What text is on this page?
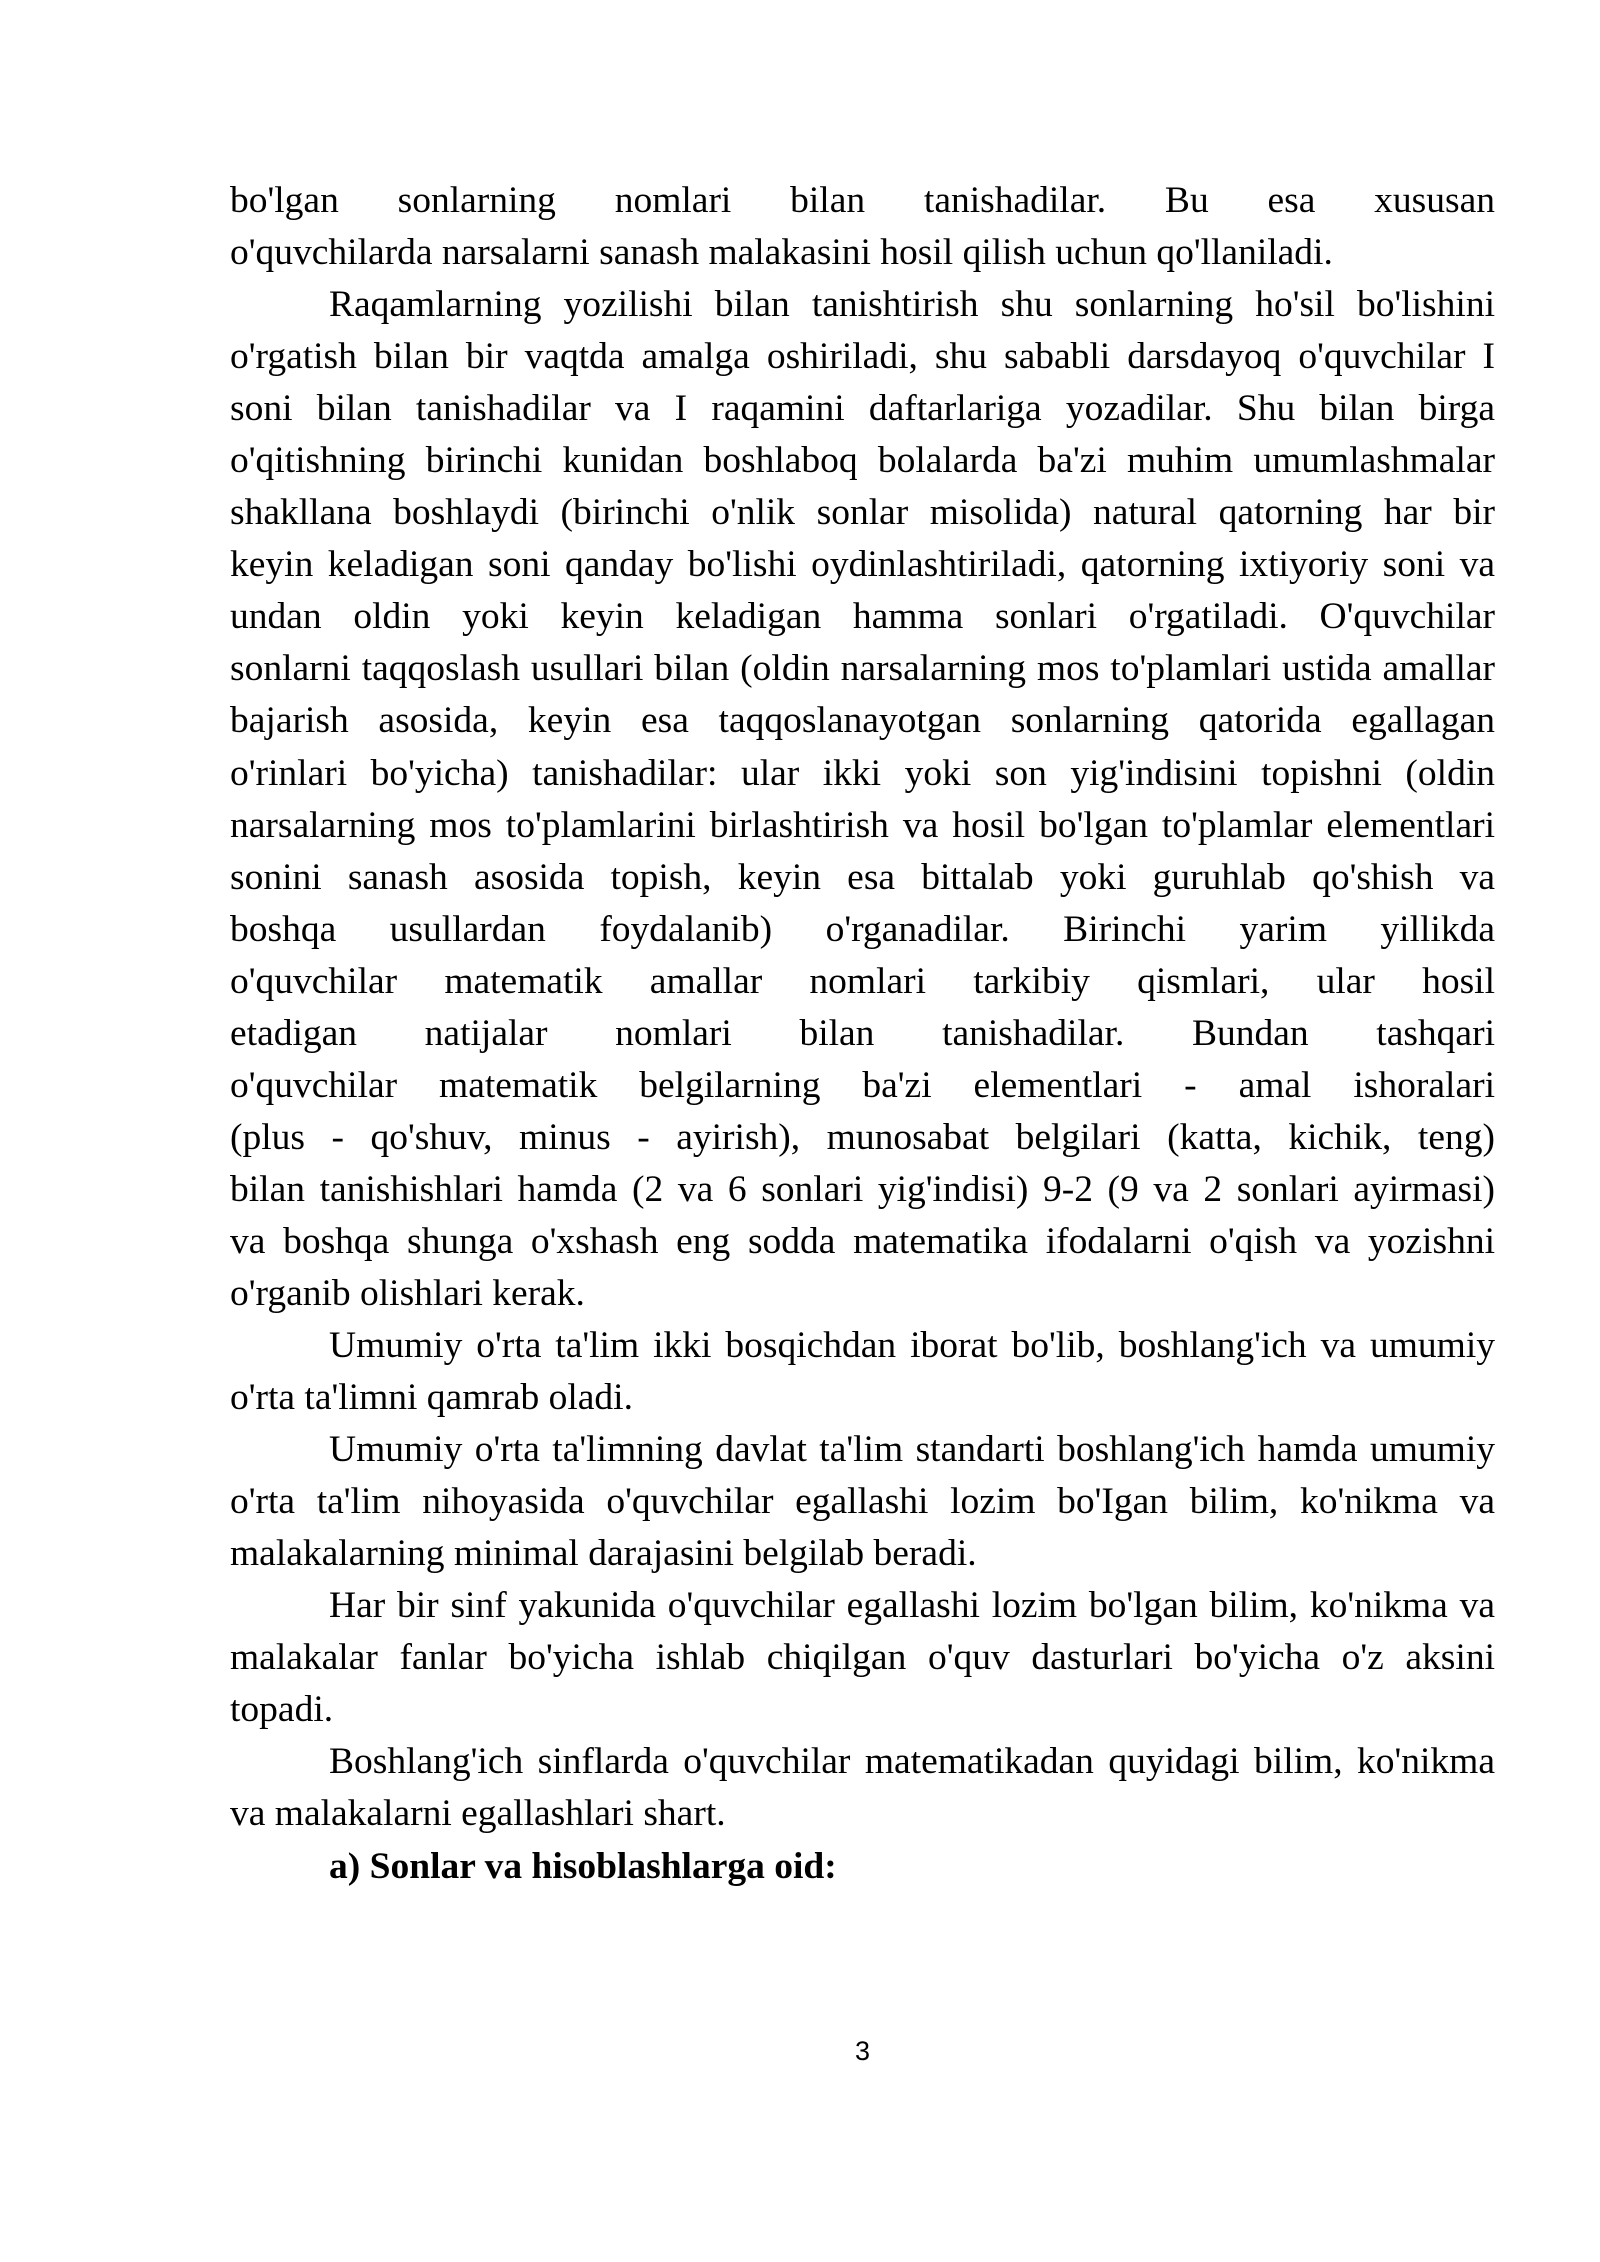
bo'lgan sonlarning nomlari bilan tanishadilar. Bu esa xususan
o'quvchilarda narsalarni sanash malakasini hosil qilish uchun qo'llaniladi.
Raqamlarning yozilishi bilan tanishtirish shu sonlarning ho'sil bo'lishini
o'rgatish bilan bir vaqtda amalga oshiriladi, shu sababli darsdayoq o'quvchilar I
soni bilan tanishadilar va I raqamini daftarlariga yozadilar. Shu bilan birga
o'qitishning birinchi kunidan boshlaboq bolalarda ba'zi muhim umumlashmalar
shakllana boshlaydi (birinchi o'nlik sonlar misolida) natural qatorning har bir
keyin keladigan soni qanday bo'lishi oydinlashtiriladi, qatorning ixtiyoriy soni va
undan oldin yoki keyin keladigan hamma sonlari o'rgatiladi. O'quvchilar
sonlarni taqqoslash usullari bilan (oldin narsalarning mos to'plamlari ustida amallar
bajarish asosida, keyin esa taqqoslanayotgan sonlarning qatorida egallagan
o'rinlari bo'yicha) tanishadilar: ular ikki yoki son yig'indisini topishni (oldin
narsalarning mos to'plamlarini birlashtirish va hosil bo'lgan to'plamlar elementlari
sonini sanash asosida topish, keyin esa bittalab yoki guruhlab qo'shish va
boshqa usullardan foydalanib) o'rganadilar. Birinchi yarim yillikda
o'quvchilar matematik amallar nomlari tarkibiy qismlari, ular hosil
etadigan natijalar nomlari bilan tanishadilar. Bundan tashqari
o'quvchilar matematik belgilarning ba'zi elementlari - amal ishoralari
(plus - qo'shuv, minus - ayirish), munosabat belgilari (katta, kichik, teng)
bilan tanishishlari hamda (2 va 6 sonlari yig'indisi) 9-2 (9 va 2 sonlari ayirmasi)
va boshqa shunga o'xshash eng sodda matematika ifodalarni o'qish va yozishni
o'rganib olishlari kerak.
Umumiy o'rta ta'lim ikki bosqichdan iborat bo'lib, boshlang'ich va umumiy
o'rta ta'limni qamrab oladi.
Umumiy o'rta ta'limning davlat ta'lim standarti boshlang'ich hamda umumiy
o'rta ta'lim nihoyasida o'quvchilar egallashi lozim bo'Igan bilim, ko'nikma va
malakalarning minimal darajasini belgilab beradi.
Har bir sinf yakunida o'quvchilar egallashi lozim bo'lgan bilim, ko'nikma va
malakalar fanlar bo'yicha ishlab chiqilgan o'quv dasturlari bo'yicha o'z aksini
topadi.
Boshlang'ich sinflarda o'quvchilar matematikadan quyidagi bilim, ko'nikma
va malakalarni egallashlari shart.
a) Sonlar va hisoblashlarga oid:
3
